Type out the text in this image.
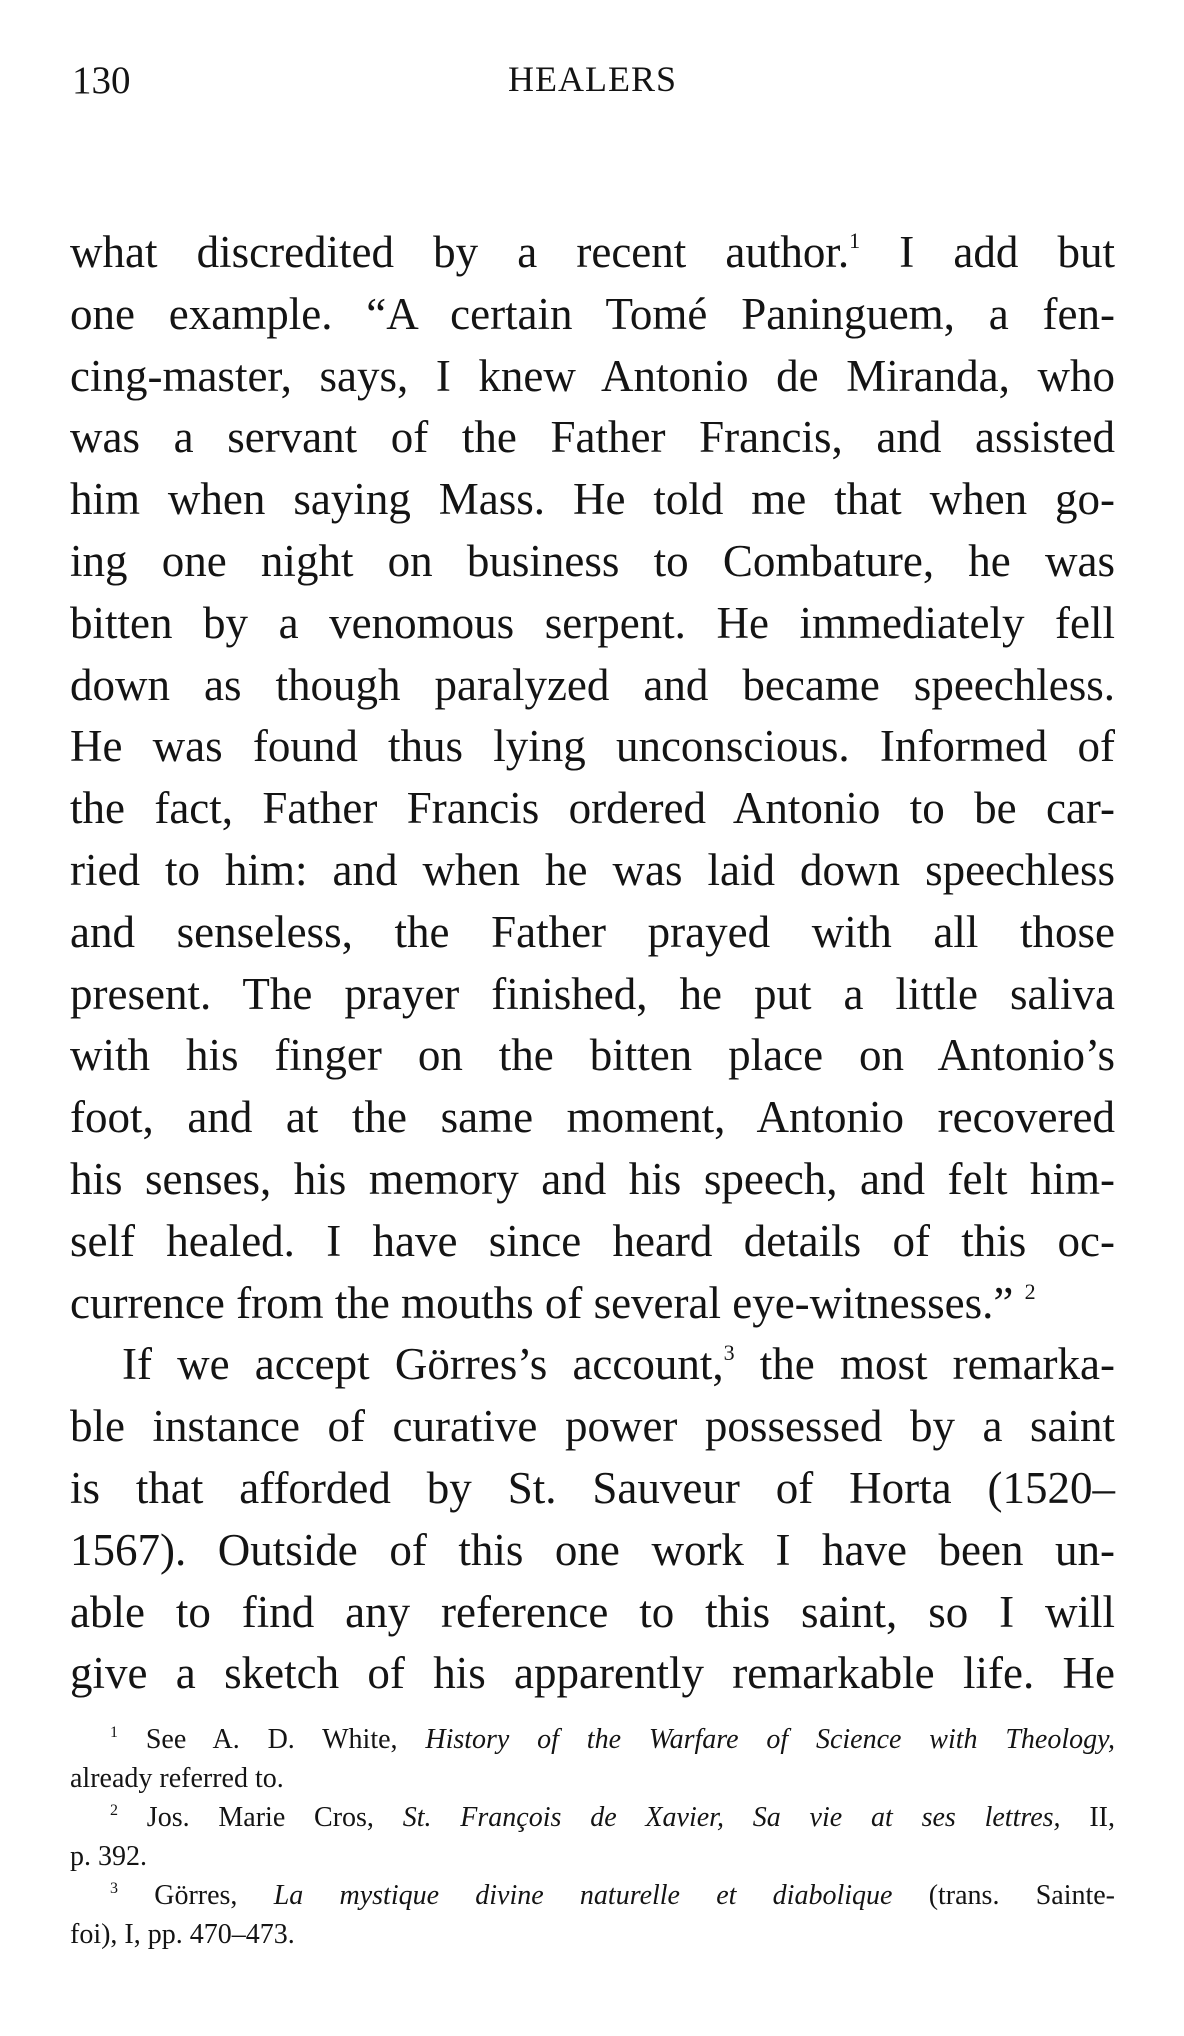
130	HEALERS
what discredited by a recent author.$^1$ I add but
one example. “A certain Tomé Paninguem, a fen-
cing-master, says, I knew Antonio de Miranda, who
was a servant of the Father Francis, and assisted
him when saying Mass. He told me that when go-
ing one night on business to Combature, he was
bitten by a venomous serpent. He immediately fell
down as though paralyzed and became speechless.
He was found thus lying unconscious. Informed of
the fact, Father Francis ordered Antonio to be car-
ried to him: and when he was laid down speechless
and senseless, the Father prayed with all those
present. The prayer finished, he put a little saliva
with his finger on the bitten place on Antonio’s
foot, and at the same moment, Antonio recovered
his senses, his memory and his speech, and felt him-
self healed. I have since heard details of this oc-
currence from the mouths of several eye-witnesses.” $^2$
If we accept Görres’s account,$^3$ the most remarka-
ble instance of curative power possessed by a saint
is that afforded by St. Sauveur of Horta (1520–
1567). Outside of this one work I have been un-
able to find any reference to this saint, so I will
give a sketch of his apparently remarkable life. He
$^1$ See A. D. White, History of the Warfare of Science with Theology,
already referred to.
$^2$ Jos. Marie Cros, St. François de Xavier, Sa vie at ses lettres, II,
p. 392.
$^3$ Görres, La mystique divine naturelle et diabolique (trans. Sainte-
foi), I, pp. 470–473.
